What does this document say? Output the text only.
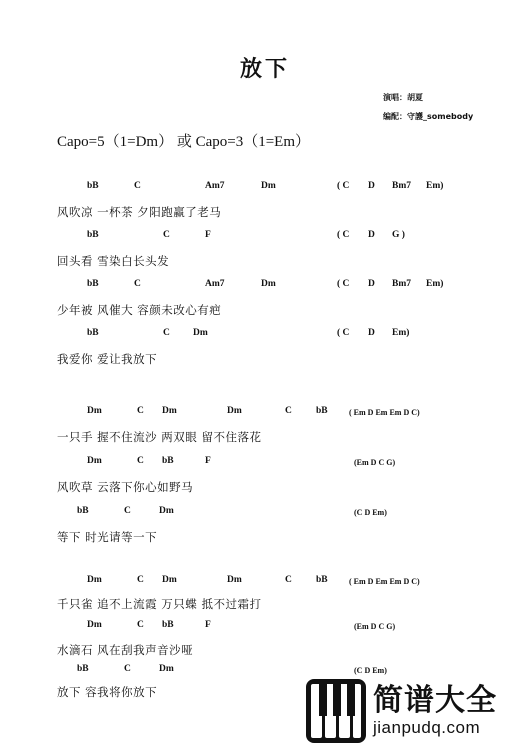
放下
演唱：胡夏
编配：守護_somebody
Capo=5（1=Dm） 或 Capo=3（1=Em）
bB	C	Am7	Dm	( C D Bm7 Em)
风吹凉 一杯茶 夕阳跑赢了老马
bB	C	F	( C D G )
回头看 雪染白长头发
bB	C	Am7	Dm	( C D Bm7 Em)
少年被 风催大 容颜未改心有疤
bB	C Dm	( C D Em)
我爱你 爱让我放下
Dm	C Dm	Dm	C	bB	( Em D Em Em D C)
一只手 握不住流沙 两双眼 留不住落花
Dm	C bB	F	(Em D C G)
风吹草 云落下你心如野马
bB	C	Dm	(C D Em)
等下 时光请等一下
Dm	C Dm	Dm	C	bB	( Em D Em Em D C)
千只雀 追不上流霞 万只蝶 抵不过霜打
Dm	C bB	F	(Em D C G)
水滴石 风在刮我声音沙哑
bB	C	Dm	(C D Em)
放下 容我将你放下	简谱大全
jianpudq.com
